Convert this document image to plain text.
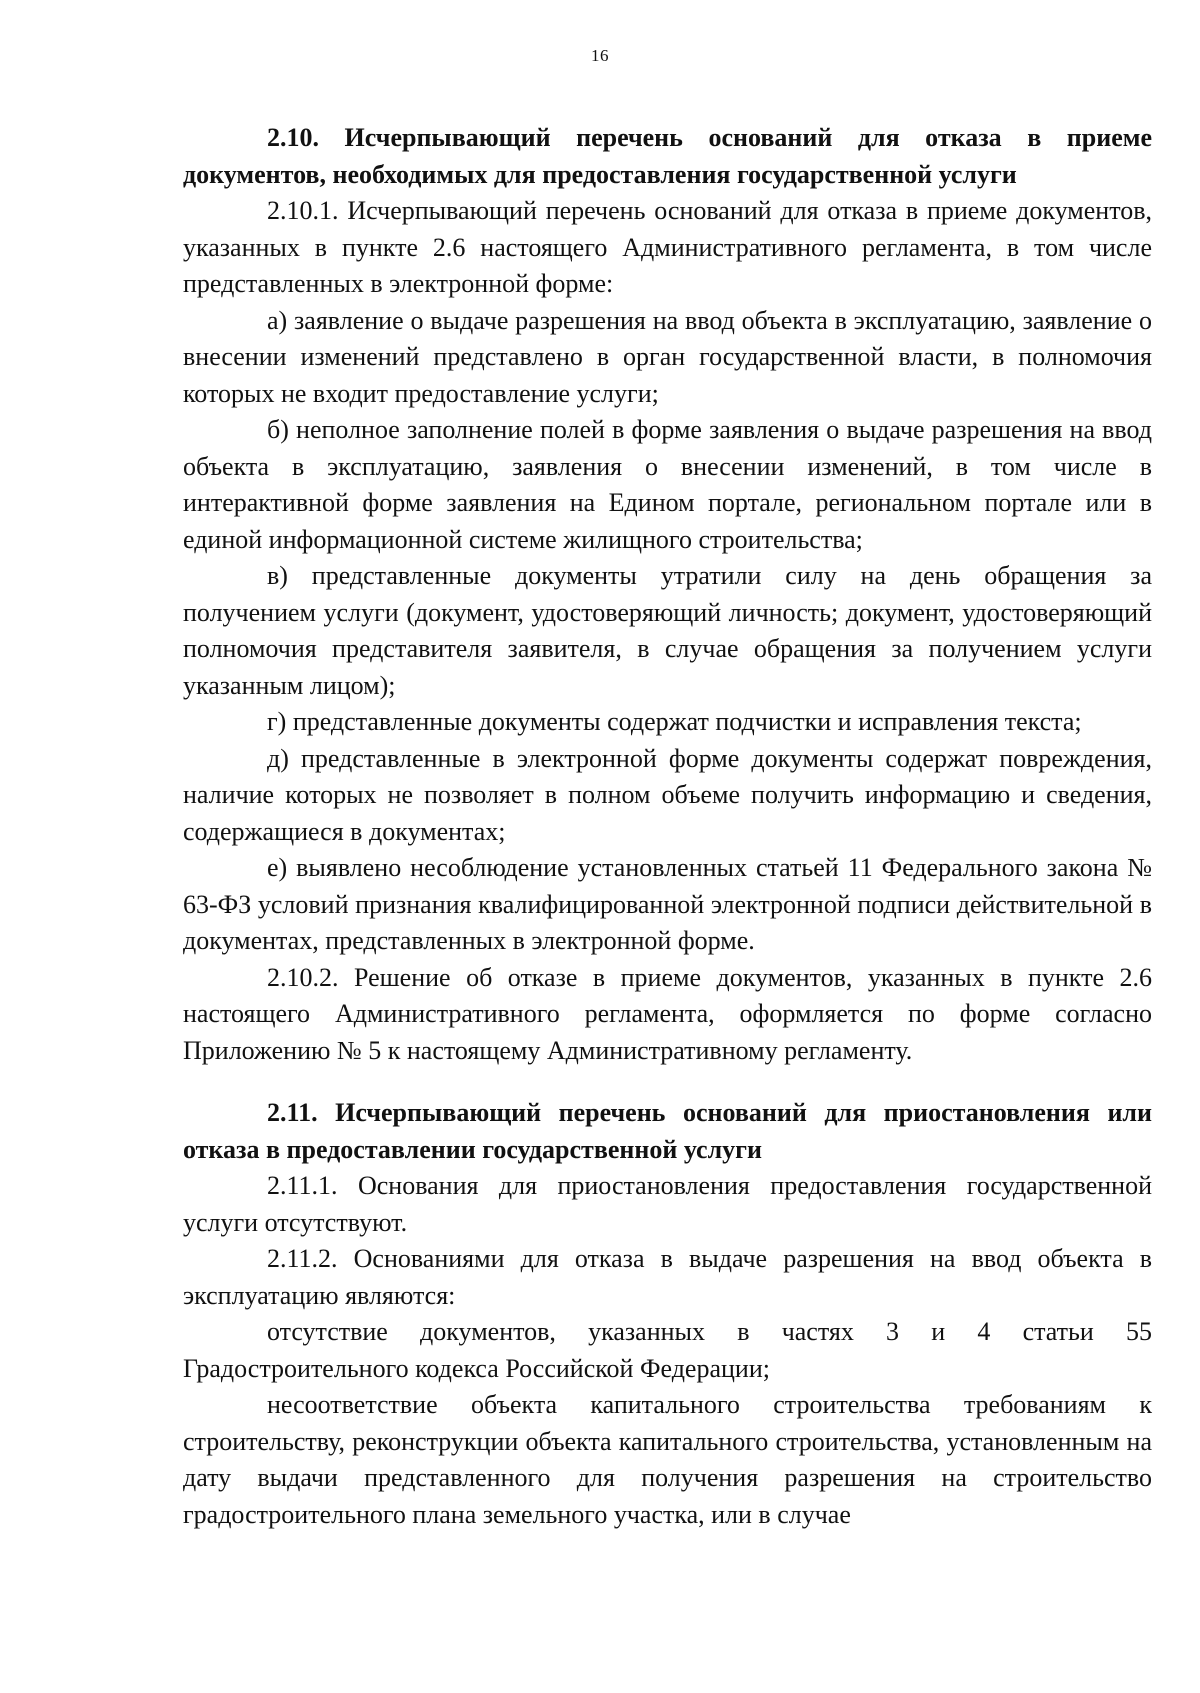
16

2.10. Исчерпывающий перечень оснований для отказа в приеме документов, необходимых для предоставления государственной услуги

2.10.1. Исчерпывающий перечень оснований для отказа в приеме документов, указанных в пункте 2.6 настоящего Административного регламента, в том числе представленных в электронной форме:

а) заявление о выдаче разрешения на ввод объекта в эксплуатацию, заявление о внесении изменений представлено в орган государственной власти, в полномочия которых не входит предоставление услуги;

б) неполное заполнение полей в форме заявления о выдаче разрешения на ввод объекта в эксплуатацию, заявления о внесении изменений, в том числе в интерактивной форме заявления на Едином портале, региональном портале или в единой информационной системе жилищного строительства;

в) представленные документы утратили силу на день обращения за получением услуги (документ, удостоверяющий личность; документ, удостоверяющий полномочия представителя заявителя, в случае обращения за получением услуги указанным лицом);

г) представленные документы содержат подчистки и исправления текста;

д) представленные в электронной форме документы содержат повреждения, наличие которых не позволяет в полном объеме получить информацию и сведения, содержащиеся в документах;

е) выявлено несоблюдение установленных статьей 11 Федерального закона № 63-ФЗ условий признания квалифицированной электронной подписи действительной в документах, представленных в электронной форме.

2.10.2. Решение об отказе в приеме документов, указанных в пункте 2.6 настоящего Административного регламента, оформляется по форме согласно Приложению № 5 к настоящему Административному регламенту.

2.11. Исчерпывающий перечень оснований для приостановления или отказа в предоставлении государственной услуги

2.11.1. Основания для приостановления предоставления государственной услуги отсутствуют.

2.11.2. Основаниями для отказа в выдаче разрешения на ввод объекта в эксплуатацию являются:

отсутствие документов, указанных в частях 3 и 4 статьи 55 Градостроительного кодекса Российской Федерации;

несоответствие объекта капитального строительства требованиям к строительству, реконструкции объекта капитального строительства, установленным на дату выдачи представленного для получения разрешения на строительство градостроительного плана земельного участка, или в случае
